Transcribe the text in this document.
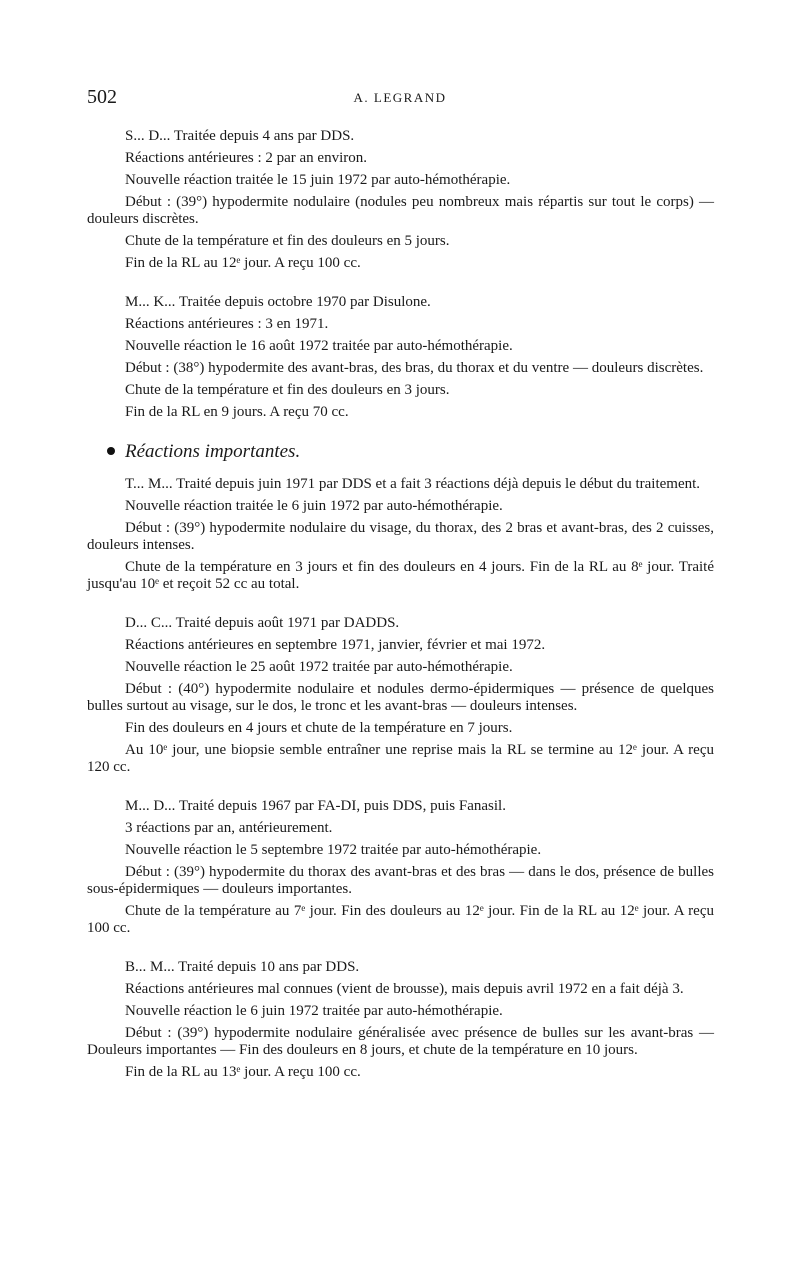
502	A. LEGRAND

S... D... Traitée depuis 4 ans par DDS.

Réactions antérieures : 2 par an environ.

Nouvelle réaction traitée le 15 juin 1972 par auto-hémothérapie.

Début : (39°) hypodermite nodulaire (nodules peu nombreux mais répartis sur tout le corps) — douleurs discrètes.

Chute de la température et fin des douleurs en 5 jours.

Fin de la RL au 12ᵉ jour. A reçu 100 cc.

M... K... Traitée depuis octobre 1970 par Disulone.

Réactions antérieures : 3 en 1971.

Nouvelle réaction le 16 août 1972 traitée par auto-hémothérapie.

Début : (38°) hypodermite des avant-bras, des bras, du thorax et du ventre — douleurs discrètes.

Chute de la température et fin des douleurs en 3 jours.

Fin de la RL en 9 jours. A reçu 70 cc.

Réactions importantes.

T... M... Traité depuis juin 1971 par DDS et a fait 3 réactions déjà depuis le début du traitement.

Nouvelle réaction traitée le 6 juin 1972 par auto-hémothérapie.

Début : (39°) hypodermite nodulaire du visage, du thorax, des 2 bras et avant-bras, des 2 cuisses, douleurs intenses.

Chute de la température en 3 jours et fin des douleurs en 4 jours. Fin de la RL au 8ᵉ jour. Traité jusqu'au 10ᵉ et reçoit 52 cc au total.

D... C... Traité depuis août 1971 par DADDS.

Réactions antérieures en septembre 1971, janvier, février et mai 1972.

Nouvelle réaction le 25 août 1972 traitée par auto-hémothérapie.

Début : (40°) hypodermite nodulaire et nodules dermo-épidermiques — présence de quelques bulles surtout au visage, sur le dos, le tronc et les avant-bras — douleurs intenses.

Fin des douleurs en 4 jours et chute de la température en 7 jours.

Au 10ᵉ jour, une biopsie semble entraîner une reprise mais la RL se termine au 12ᵉ jour. A reçu 120 cc.

M... D... Traité depuis 1967 par FA-DI, puis DDS, puis Fanasil.

3 réactions par an, antérieurement.

Nouvelle réaction le 5 septembre 1972 traitée par auto-hémothérapie.

Début : (39°) hypodermite du thorax des avant-bras et des bras — dans le dos, présence de bulles sous-épidermiques — douleurs importantes.

Chute de la température au 7ᵉ jour. Fin des douleurs au 12ᵉ jour. Fin de la RL au 12ᵉ jour. A reçu 100 cc.

B... M... Traité depuis 10 ans par DDS.

Réactions antérieures mal connues (vient de brousse), mais depuis avril 1972 en a fait déjà 3.

Nouvelle réaction le 6 juin 1972 traitée par auto-hémothérapie.

Début : (39°) hypodermite nodulaire généralisée avec présence de bulles sur les avant-bras — Douleurs importantes — Fin des douleurs en 8 jours, et chute de la température en 10 jours.

Fin de la RL au 13ᵉ jour. A reçu 100 cc.
